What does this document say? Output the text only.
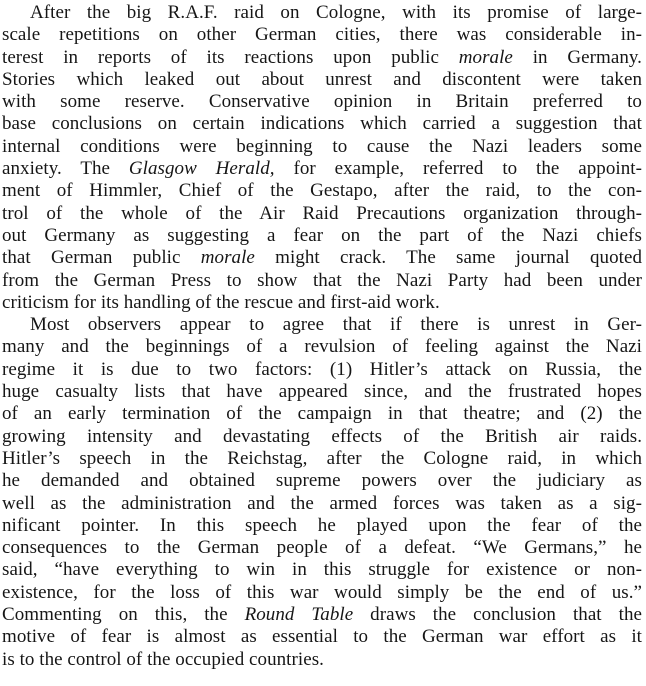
After the big R.A.F. raid on Cologne, with its promise of large-
scale repetitions on other German cities, there was considerable in-
terest in reports of its reactions upon public morale in Germany.
Stories which leaked out about unrest and discontent were taken
with some reserve. Conservative opinion in Britain preferred to
base conclusions on certain indications which carried a suggestion that
internal conditions were beginning to cause the Nazi leaders some
anxiety. The Glasgow Herald, for example, referred to the appoint-
ment of Himmler, Chief of the Gestapo, after the raid, to the con-
trol of the whole of the Air Raid Precautions organization through-
out Germany as suggesting a fear on the part of the Nazi chiefs
that German public morale might crack. The same journal quoted
from the German Press to show that the Nazi Party had been under
criticism for its handling of the rescue and first-aid work.
Most observers appear to agree that if there is unrest in Ger-
many and the beginnings of a revulsion of feeling against the Nazi
regime it is due to two factors: (1) Hitler’s attack on Russia, the
huge casualty lists that have appeared since, and the frustrated hopes
of an early termination of the campaign in that theatre; and (2) the
growing intensity and devastating effects of the British air raids.
Hitler’s speech in the Reichstag, after the Cologne raid, in which
he demanded and obtained supreme powers over the judiciary as
well as the administration and the armed forces was taken as a sig-
nificant pointer. In this speech he played upon the fear of the
consequences to the German people of a defeat. “We Germans,” he
said, “have everything to win in this struggle for existence or non-
existence, for the loss of this war would simply be the end of us.”
Commenting on this, the Round Table draws the conclusion that the
motive of fear is almost as essential to the German war effort as it
is to the control of the occupied countries.
